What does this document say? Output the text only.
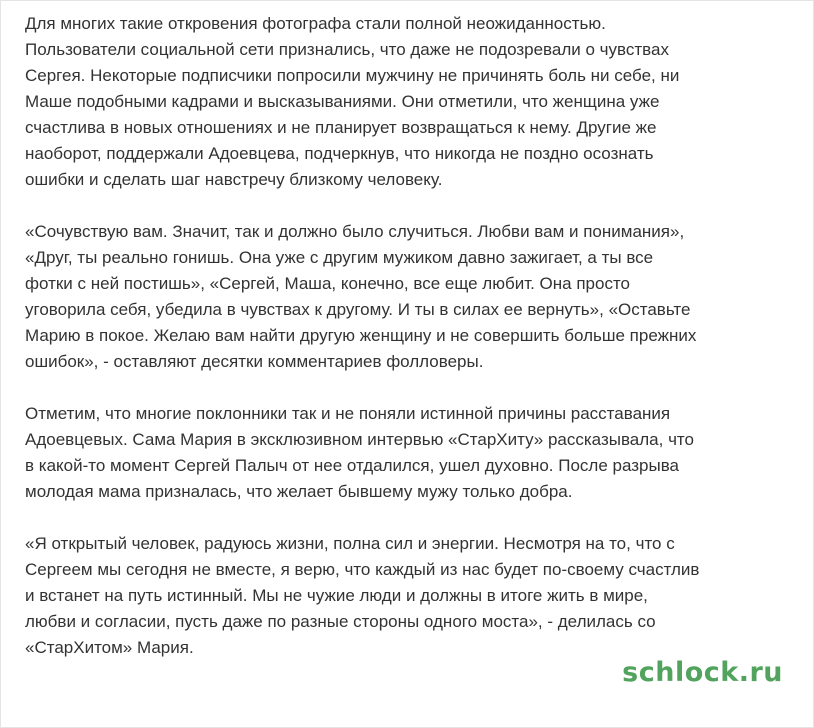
Для многих такие откровения фотографа стали полной неожиданностью.
Пользователи социальной сети признались, что даже не подозревали о чувствах
Сергея. Некоторые подписчики попросили мужчину не причинять боль ни себе, ни
Маше подобными кадрами и высказываниями. Они отметили, что женщина уже
счастлива в новых отношениях и не планирует возвращаться к нему. Другие же
наоборот, поддержали Адоевцева, подчеркнув, что никогда не поздно осознать
ошибки и сделать шаг навстречу близкому человеку.

«Сочувствую вам. Значит, так и должно было случиться. Любви вам и понимания»,
«Друг, ты реально гонишь. Она уже с другим мужиком давно зажигает, а ты все
фотки с ней постишь», «Сергей, Маша, конечно, все еще любит. Она просто
уговорила себя, убедила в чувствах к другому. И ты в силах ее вернуть», «Оставьте
Марию в покое. Желаю вам найти другую женщину и не совершить больше прежних
ошибок», - оставляют десятки комментариев фолловеры.

Отметим, что многие поклонники так и не поняли истинной причины расставания
Адоевцевых. Сама Мария в эксклюзивном интервью «СтарХиту» рассказывала, что
в какой-то момент Сергей Палыч от нее отдалился, ушел духовно. После разрыва
молодая мама призналась, что желает бывшему мужу только добра.

«Я открытый человек, радуюсь жизни, полна сил и энергии. Несмотря на то, что с
Сергеем мы сегодня не вместе, я верю, что каждый из нас будет по-своему счастлив
и встанет на путь истинный. Мы не чужие люди и должны в итоге жить в мире,
любви и согласии, пусть даже по разные стороны одного моста», - делилась со
«СтарХитом» Мария.

schlock.ru
